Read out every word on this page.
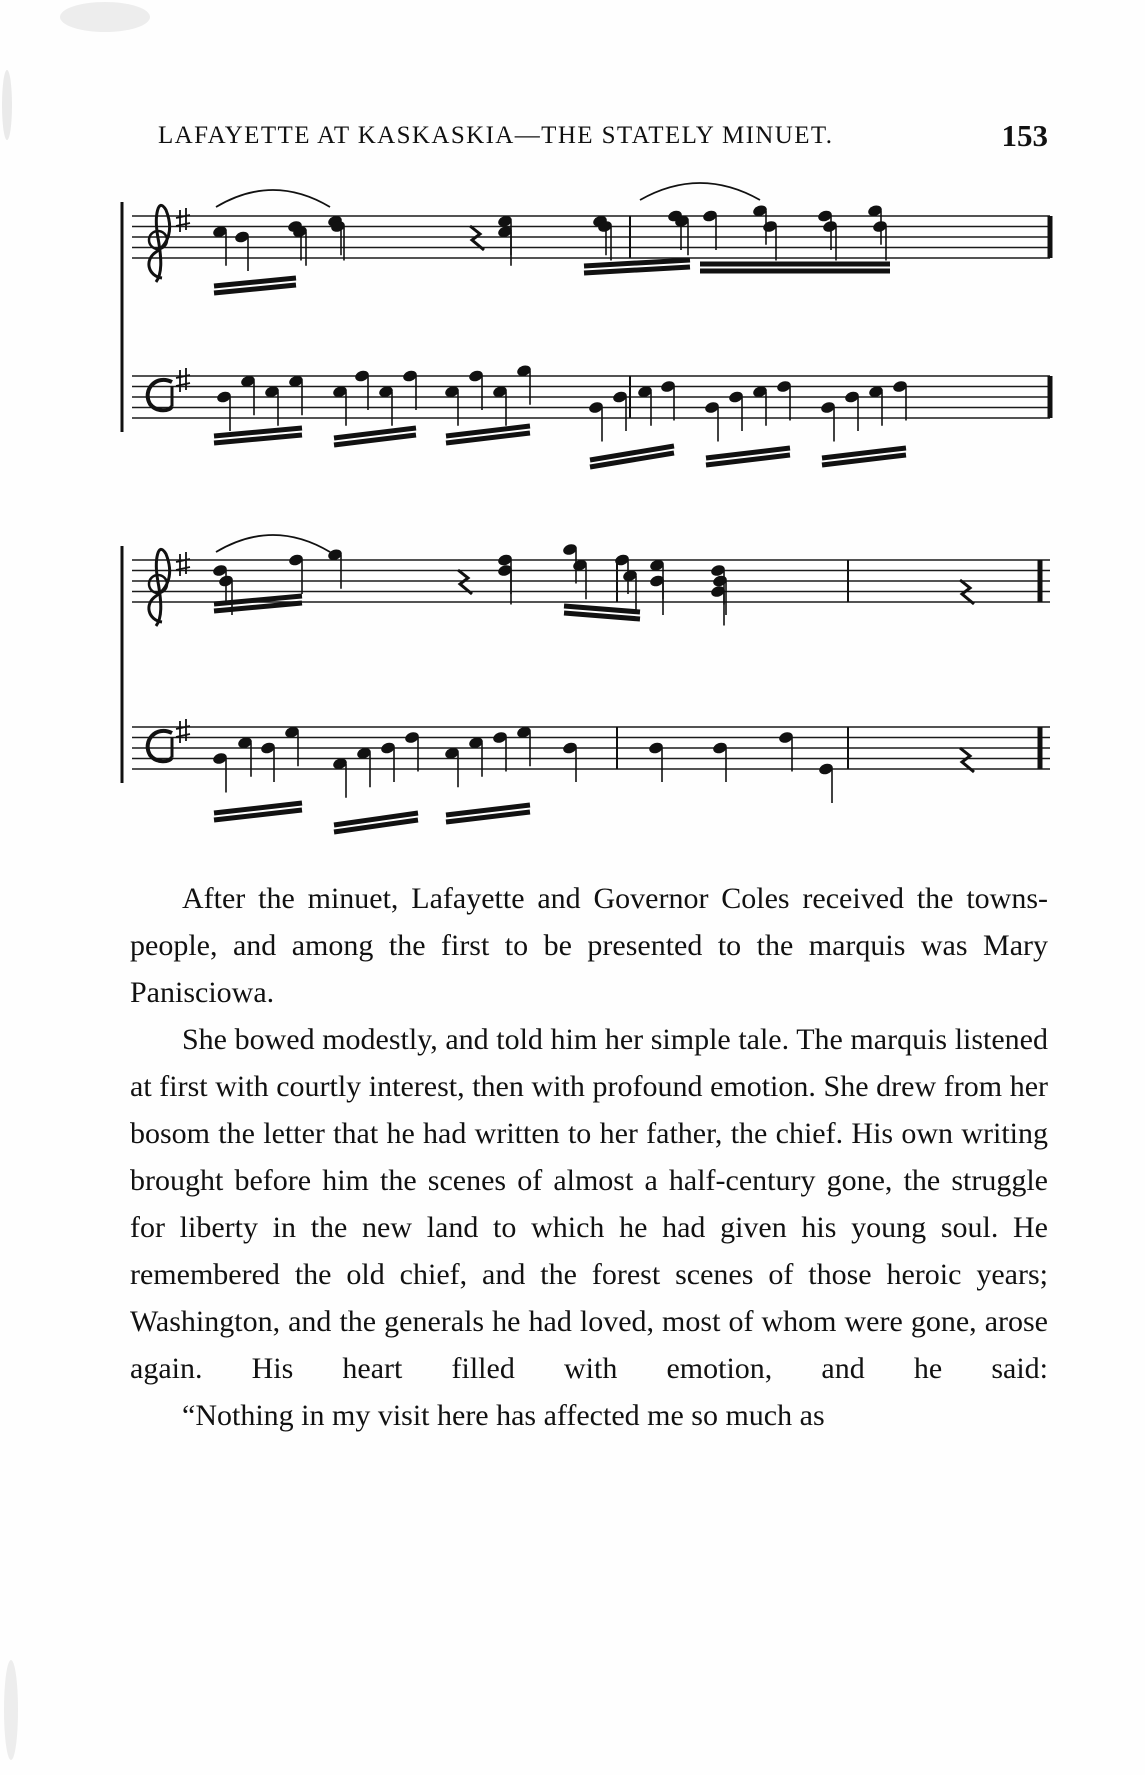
LAFAYETTE AT KASKASKIA—THE STATELY MINUET.	153

After the minuet, Lafayette and Governor Coles received the towns-people, and among the first to be presented to the marquis was Mary Panisciowa.

She bowed modestly, and told him her simple tale. The marquis listened at first with courtly interest, then with profound emotion. She drew from her bosom the letter that he had written to her father, the chief. His own writing brought before him the scenes of almost a half-century gone, the struggle for liberty in the new land to which he had given his young soul. He remembered the old chief, and the forest scenes of those heroic years; Washington, and the generals he had loved, most of whom were gone, arose again. His heart filled with emotion, and he said:

“Nothing in my visit here has affected me so much as
